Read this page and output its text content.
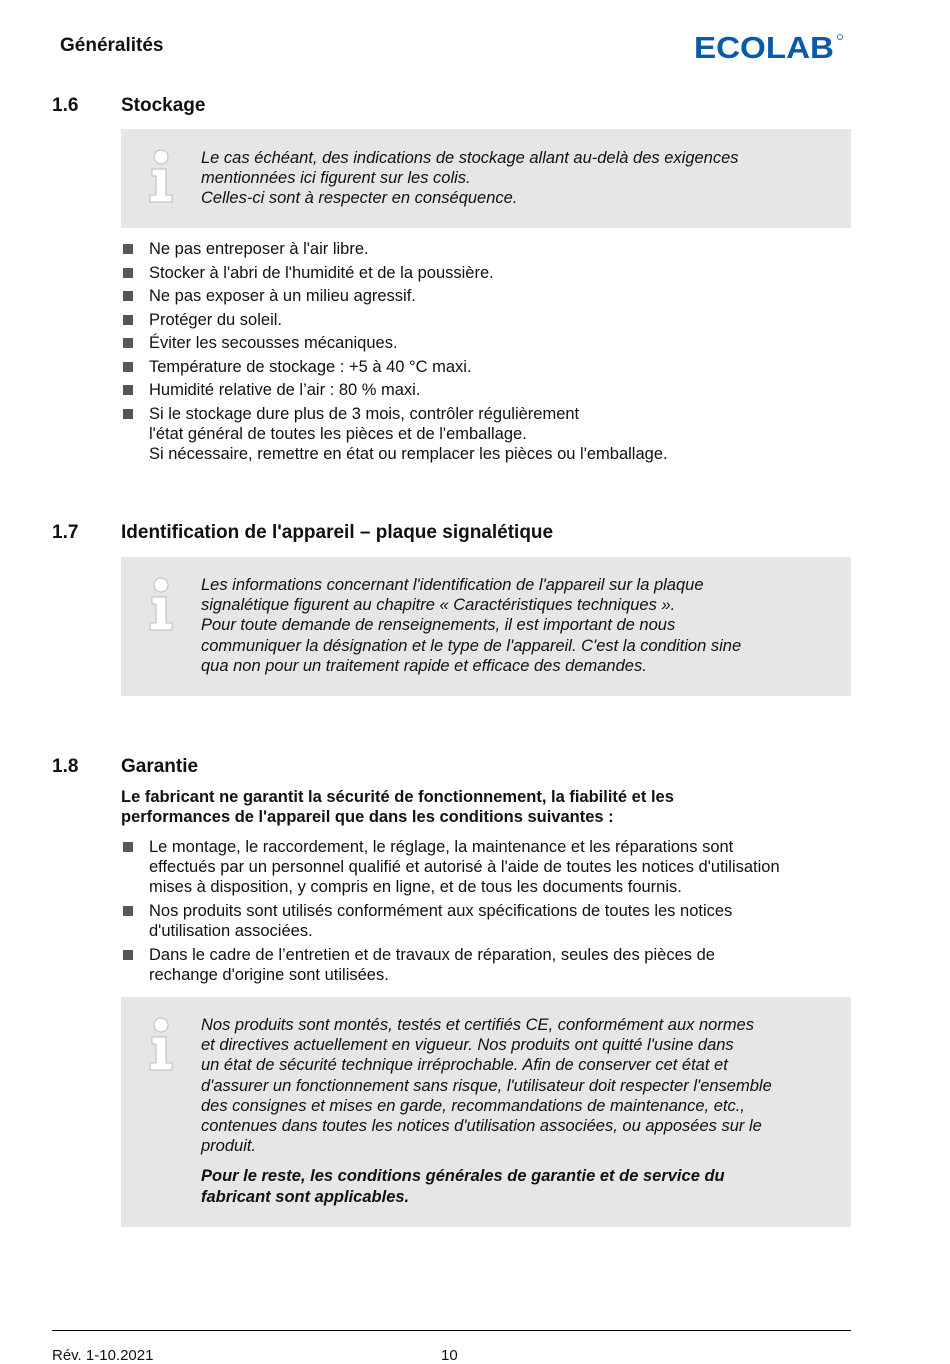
Généralités	ECOLAB
1.6 Stockage

Le cas échéant, des indications de stockage allant au-delà des exigences

mentionnées ici figurent sur les colis.

Celles-ci sont à respecter en conséquence.

Ne pas entreposer à l'air libre.
Stocker à l'abri de l'humidité et de la poussière.
Ne pas exposer à un milieu agressif.
Protéger du soleil.
Éviter les secousses mécaniques.
Température de stockage : +5 à 40 °C maxi.
Humidité relative de l’air : 80 % maxi.
Si le stockage dure plus de 3 mois, contrôler régulièrement
l'état général de toutes les pièces et de l'emballage.
Si nécessaire, remettre en état ou remplacer les pièces ou l'emballage.
1.7 Identification de l'appareil – plaque signalétique

Les informations concernant l'identification de l'appareil sur la plaque

signalétique figurent au chapitre « Caractéristiques techniques ».

Pour toute demande de renseignements, il est important de nous

communiquer la désignation et le type de l'appareil. C'est la condition sine

qua non pour un traitement rapide et efficace des demandes.

1.8 Garantie
Le fabricant ne garantit la sécurité de fonctionnement, la fiabilité et les
performances de l'appareil que dans les conditions suivantes :
Le montage, le raccordement, le réglage, la maintenance et les réparations sont
effectués par un personnel qualifié et autorisé à l'aide de toutes les notices d'utilisation
mises à disposition, y compris en ligne, et de tous les documents fournis.
Nos produits sont utilisés conformément aux spécifications de toutes les notices
d'utilisation associées.
Dans le cadre de l’entretien et de travaux de réparation, seules des pièces de
rechange d'origine sont utilisées.

Nos produits sont montés, testés et certifiés CE, conformément aux normes

et directives actuellement en vigueur. Nos produits ont quitté l'usine dans

un état de sécurité technique irréprochable. Afin de conserver cet état et

d'assurer un fonctionnement sans risque, l'utilisateur doit respecter l'ensemble

des consignes et mises en garde, recommandations de maintenance, etc.,

contenues dans toutes les notices d'utilisation associées, ou apposées sur le

produit.

Pour le reste, les conditions générales de garantie et de service du

fabricant sont applicables.

Rév. 1-10.2021	10
